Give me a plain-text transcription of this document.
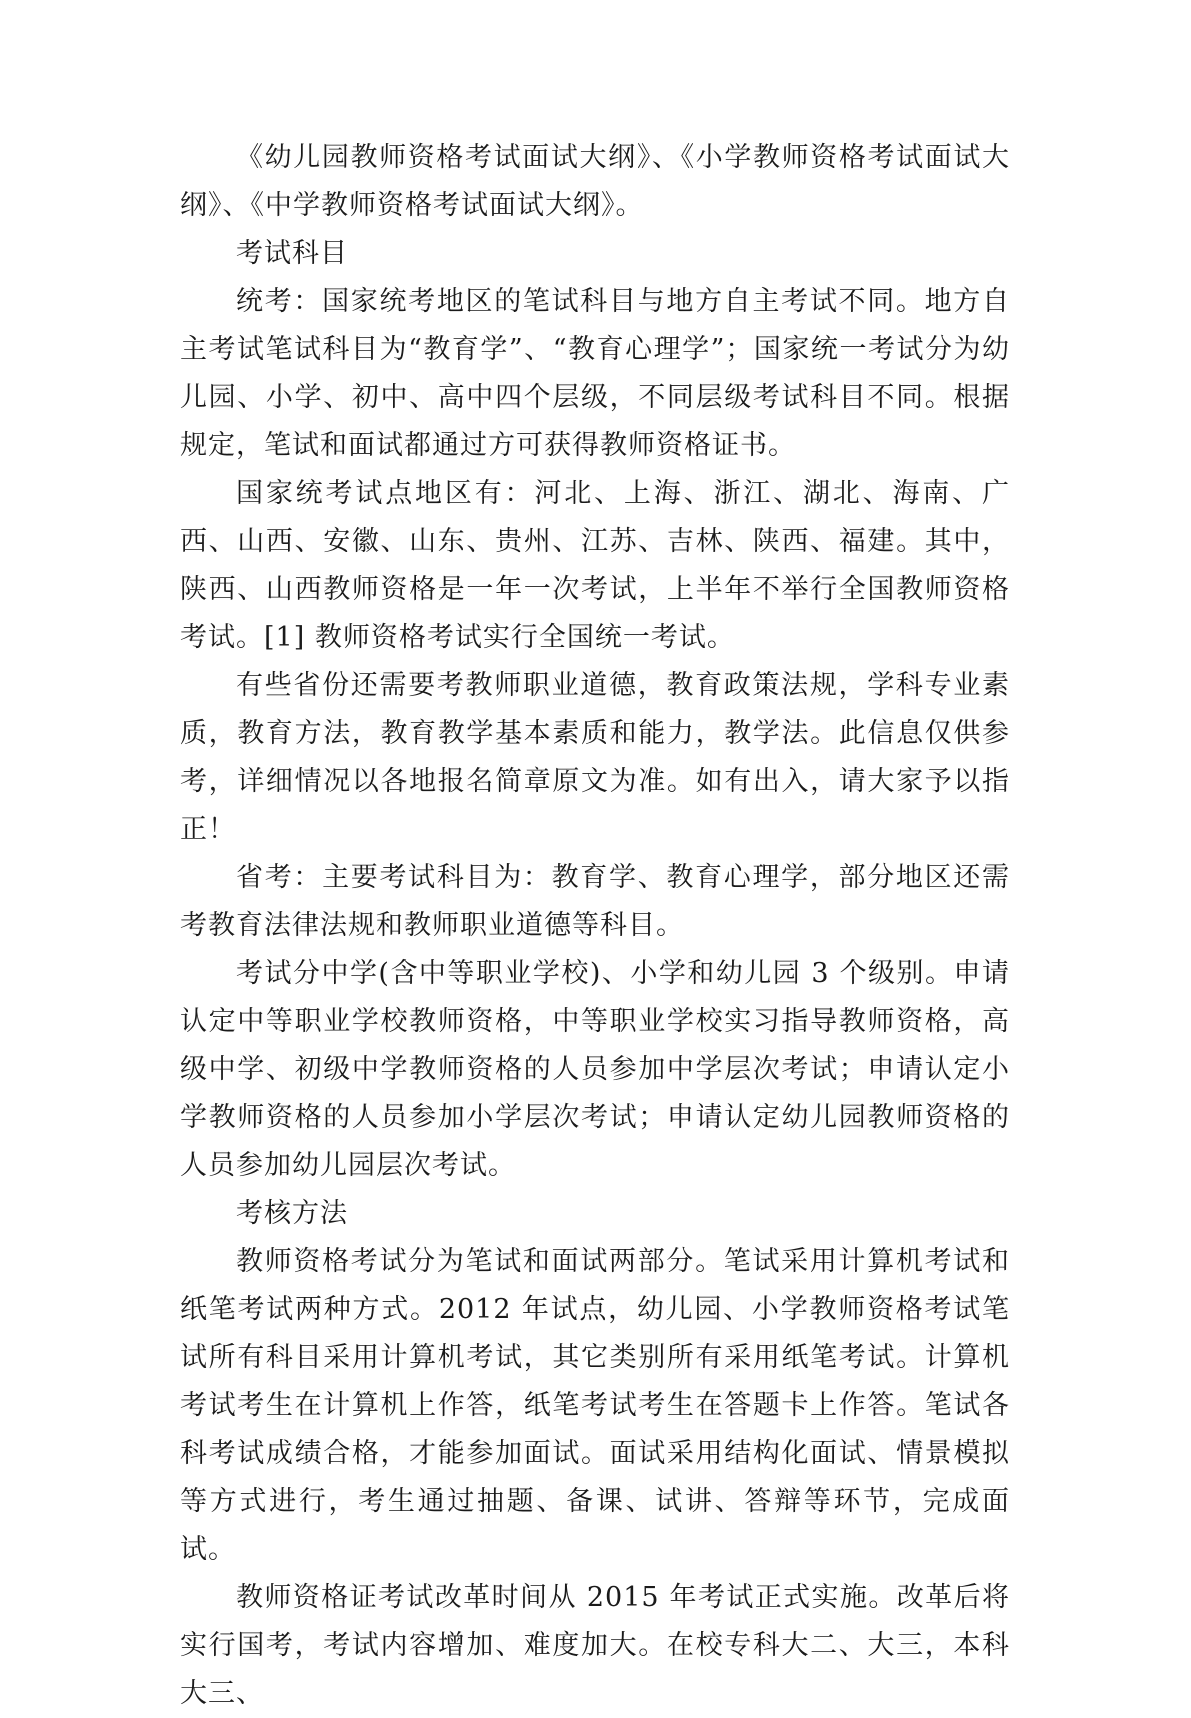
《幼儿园教师资格考试面试大纲》、《小学教师资格考试面试大纲》、《中学教师资格考试面试大纲》。

考试科目

统考：国家统考地区的笔试科目与地方自主考试不同。地方自主考试笔试科目为“教育学”、“教育心理学”；国家统一考试分为幼儿园、小学、初中、高中四个层级，不同层级考试科目不同。根据规定，笔试和面试都通过方可获得教师资格证书。

国家统考试点地区有：河北、上海、浙江、湖北、海南、广西、山西、安徽、山东、贵州、江苏、吉林、陕西、福建。其中，陕西、山西教师资格是一年一次考试，上半年不举行全国教师资格考试。[1] 教师资格考试实行全国统一考试。

有些省份还需要考教师职业道德，教育政策法规，学科专业素质，教育方法，教育教学基本素质和能力，教学法。此信息仅供参考，详细情况以各地报名简章原文为准。如有出入，请大家予以指正！

省考：主要考试科目为：教育学、教育心理学，部分地区还需考教育法律法规和教师职业道德等科目。

考试分中学(含中等职业学校)、小学和幼儿园 3 个级别。申请认定中等职业学校教师资格，中等职业学校实习指导教师资格，高级中学、初级中学教师资格的人员参加中学层次考试；申请认定小学教师资格的人员参加小学层次考试；申请认定幼儿园教师资格的人员参加幼儿园层次考试。

考核方法

教师资格考试分为笔试和面试两部分。笔试采用计算机考试和纸笔考试两种方式。2012 年试点，幼儿园、小学教师资格考试笔试所有科目采用计算机考试，其它类别所有采用纸笔考试。计算机考试考生在计算机上作答，纸笔考试考生在答题卡上作答。笔试各科考试成绩合格，才能参加面试。面试采用结构化面试、情景模拟等方式进行，考生通过抽题、备课、试讲、答辩等环节，完成面试。

教师资格证考试改革时间从 2015 年考试正式实施。改革后将实行国考，考试内容增加、难度加大。在校专科大二、大三，本科大三、
